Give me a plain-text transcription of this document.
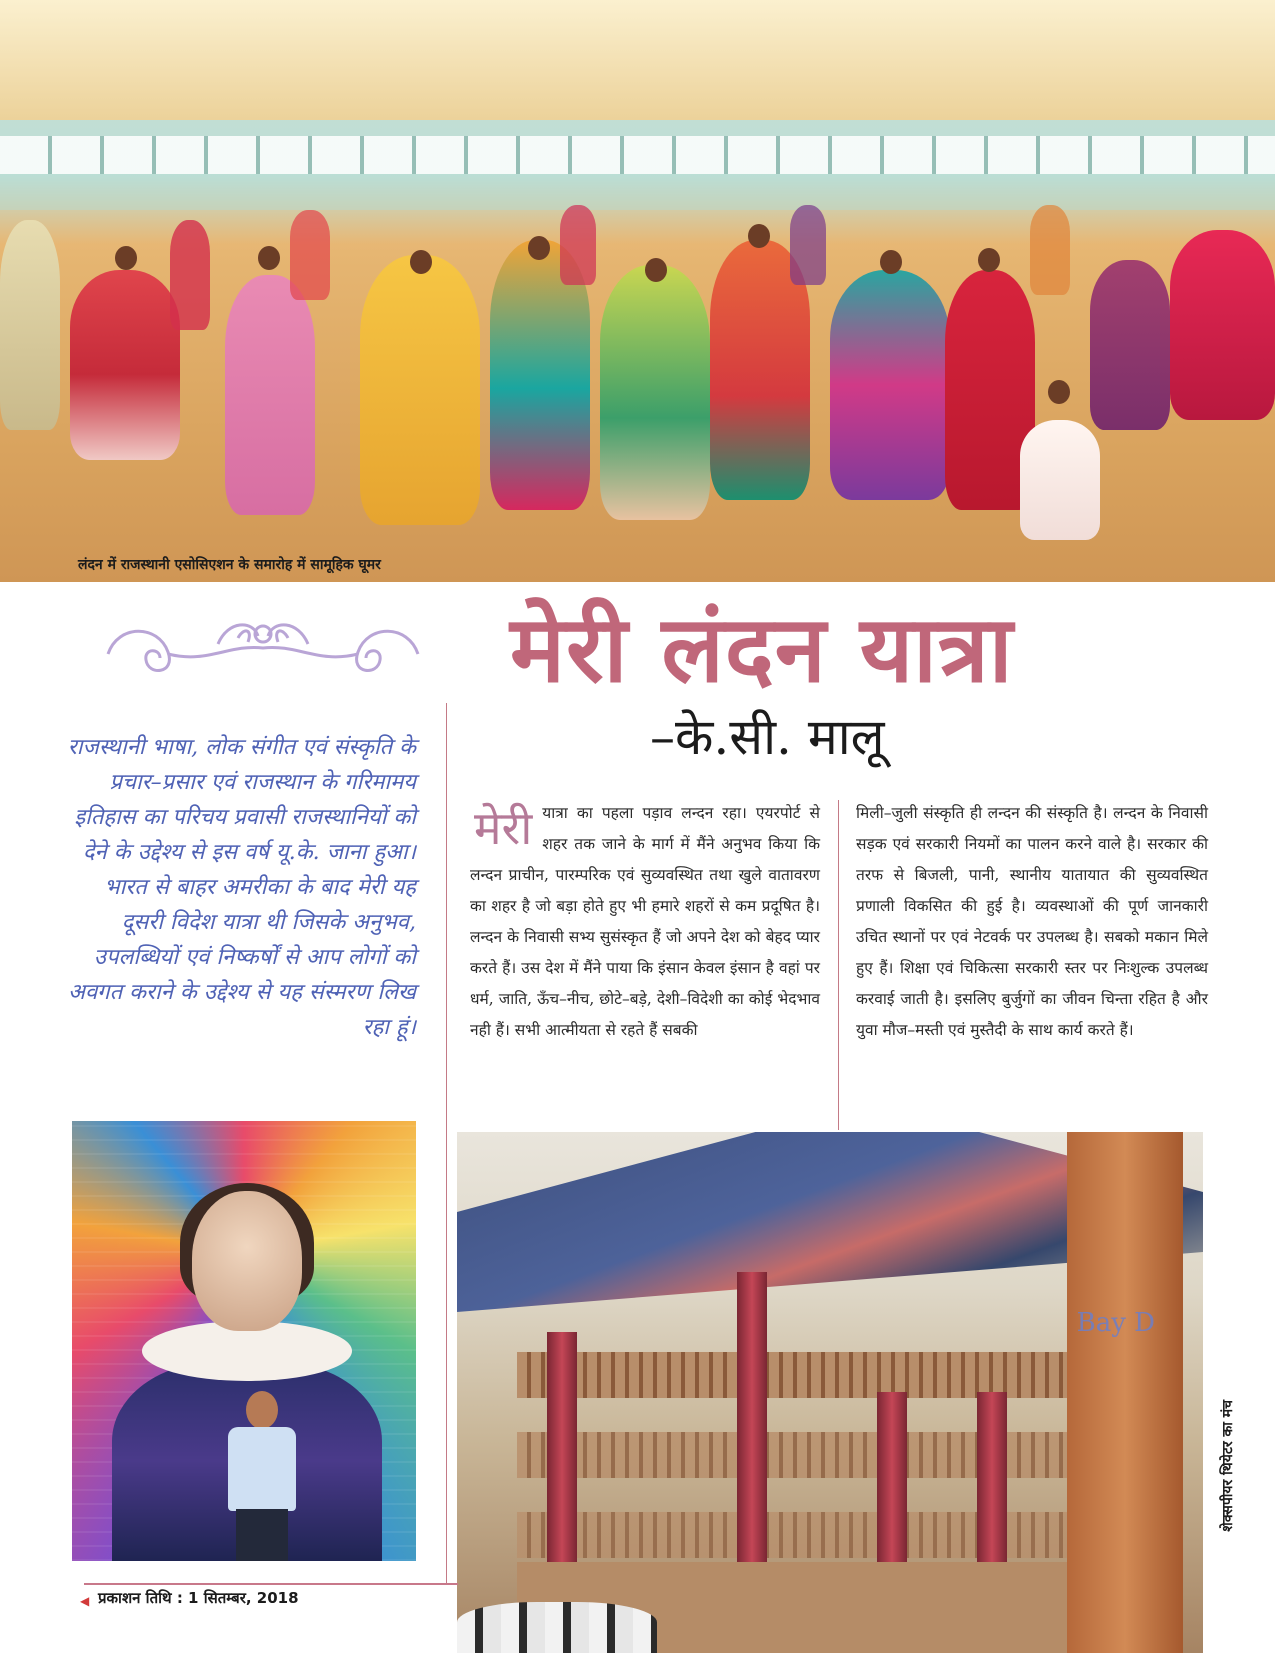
लंदन में राजस्थानी एसोसिएशन के समारोह में सामूहिक घूमर
मेरी लंदन यात्रा
–के.सी. मालू
राजस्थानी भाषा, लोक संगीत एवं संस्कृति के प्रचार–प्रसार एवं राजस्थान के गरिमामय इतिहास का परिचय प्रवासी राजस्थानियों को देने के उद्देश्य से इस वर्ष यू.के. जाना हुआ। भारत से बाहर अमरीका के बाद मेरी यह दूसरी विदेश यात्रा थी जिसके अनुभव, उपलब्धियों एवं निष्कर्षों से आप लोगों को अवगत कराने के उद्देश्य से यह संस्मरण लिख रहा हूं।
मेरी यात्रा का पहला पड़ाव लन्दन रहा। एयरपोर्ट से शहर तक जाने के मार्ग में मैंने अनुभव किया कि लन्दन प्राचीन, पारम्परिक एवं सुव्यवस्थित तथा खुले वातावरण का शहर है जो बड़ा होते हुए भी हमारे शहरों से कम प्रदूषित है। लन्दन के निवासी सभ्य सुसंस्कृत हैं जो अपने देश को बेहद प्यार करते हैं। उस देश में मैंने पाया कि इंसान केवल इंसान है वहां पर धर्म, जाति, ऊँच–नीच, छोटे–बड़े, देशी–विदेशी का कोई भेदभाव नही हैं। सभी आत्मीयता से रहते हैं सबकी
मिली–जुली संस्कृति ही लन्दन की संस्कृति है। लन्दन के निवासी सड़क एवं सरकारी नियमों का पालन करने वाले है। सरकार की तरफ से बिजली, पानी, स्थानीय यातायात की सुव्यवस्थित प्रणाली विकसित की हुई है। व्यवस्थाओं की पूर्ण जानकारी उचित स्थानों पर एवं नेटवर्क पर उपलब्ध है। सबको मकान मिले हुए हैं। शिक्षा एवं चिकित्सा सरकारी स्तर पर निःशुल्क उपलब्ध करवाई जाती है। इसलिए बुर्जुगों का जीवन चिन्ता रहित है और युवा मौज–मस्ती एवं मुस्तैदी के साथ कार्य करते हैं।
Bay D
शेक्सपीयर थियेटर का मंच
◀ प्रकाशन तिथि : 1 सितम्बर, 2018
